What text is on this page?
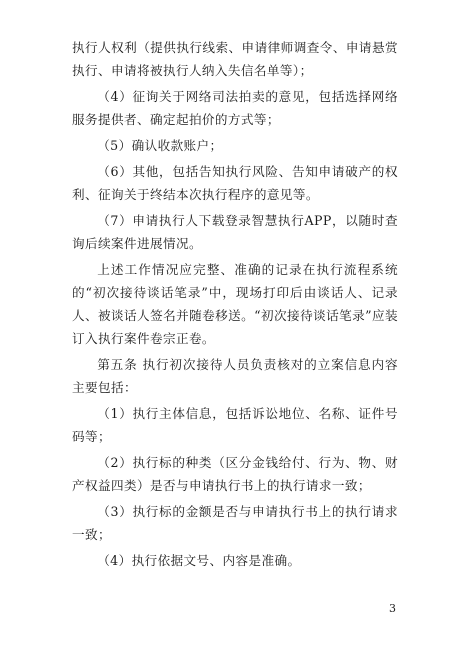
执行人权利（提供执行线索、申请律师调查令、申请悬赏执行、申请将被执行人纳入失信名单等）；

（4）征询关于网络司法拍卖的意见，包括选择网络服务提供者、确定起拍价的方式等；

（5）确认收款账户；

（6）其他，包括告知执行风险、告知申请破产的权利、征询关于终结本次执行程序的意见等。

（7）申请执行人下载登录智慧执行APP，以随时查询后续案件进展情况。

上述工作情况应完整、准确的记录在执行流程系统的“初次接待谈话笔录”中，现场打印后由谈话人、记录人、被谈话人签名并随卷移送。“初次接待谈话笔录”应装订入执行案件卷宗正卷。

第五条 执行初次接待人员负责核对的立案信息内容主要包括：

（1）执行主体信息，包括诉讼地位、名称、证件号码等；

（2）执行标的种类（区分金钱给付、行为、物、财产权益四类）是否与申请执行书上的执行请求一致；

（3）执行标的金额是否与申请执行书上的执行请求一致；

（4）执行依据文号、内容是准确。

3
